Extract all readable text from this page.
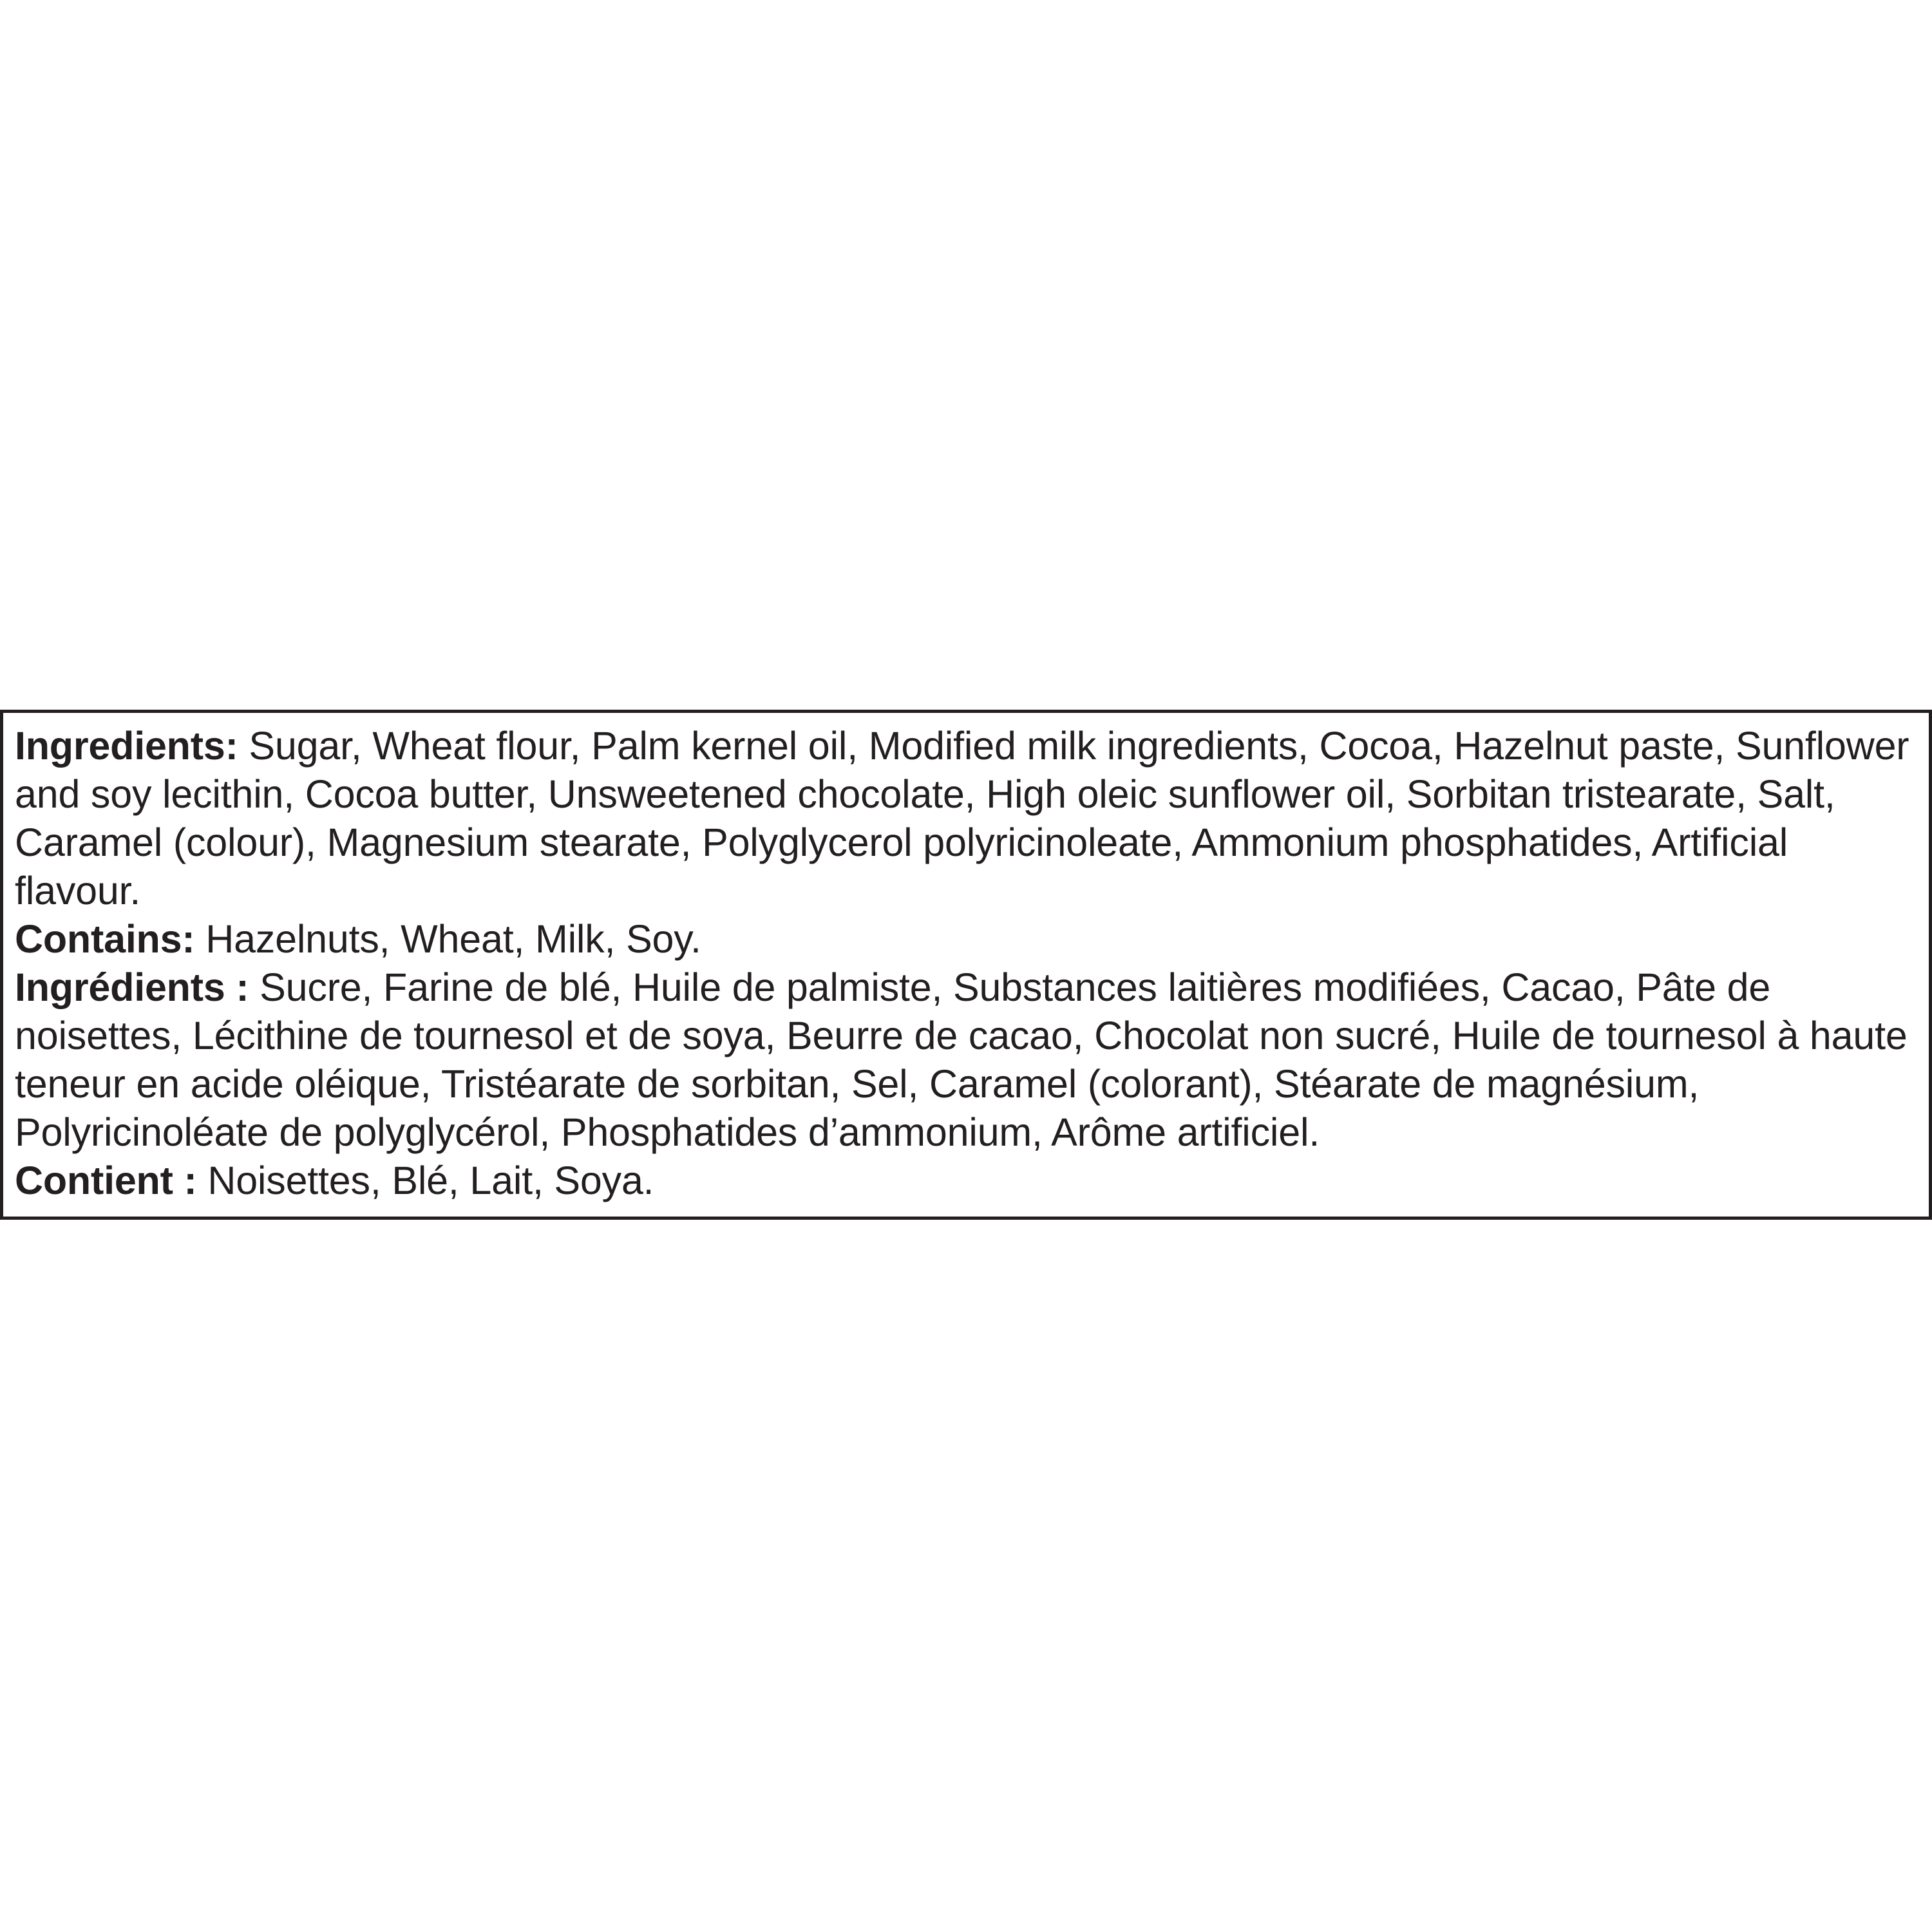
Ingredients: Sugar, Wheat flour, Palm kernel oil, Modified milk ingredients, Cocoa, Hazelnut paste, Sunflower and soy lecithin, Cocoa butter, Unsweetened chocolate, High oleic sunflower oil, Sorbitan tristearate, Salt, Caramel (colour), Magnesium stearate, Polyglycerol polyricinoleate, Ammonium phosphatides, Artificial flavour.

Contains: Hazelnuts, Wheat, Milk, Soy.

Ingrédients : Sucre, Farine de blé, Huile de palmiste, Substances laitières modifiées, Cacao, Pâte de noisettes, Lécithine de tournesol et de soya, Beurre de cacao, Chocolat non sucré, Huile de tournesol à haute teneur en acide oléique, Tristéarate de sorbitan, Sel, Caramel (colorant), Stéarate de magnésium, Polyricinoléate de polyglycérol, Phosphatides d’ammonium, Arôme artificiel.

Contient : Noisettes, Blé, Lait, Soya.
